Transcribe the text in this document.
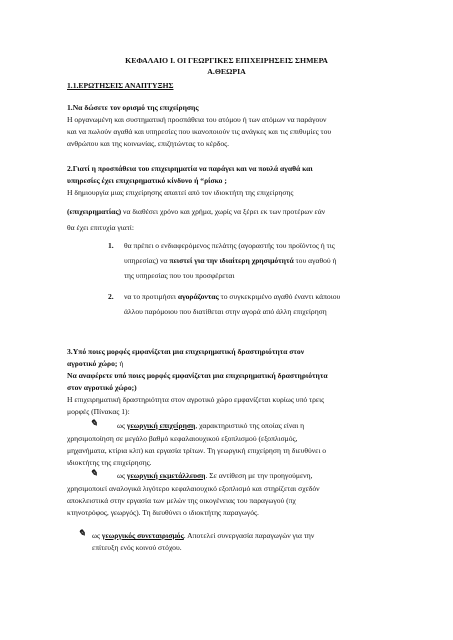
ΚΕΦΑΛΑΙΟ Ι. ΟΙ ΓΕΩΡΓΙΚΕΣ ΕΠΙΧΕΙΡΗΣΕΙΣ ΣΗΜΕΡΑ

Α.ΘΕΩΡΙΑ

1.1.ΕΡΩΤΗΣΕΙΣ ΑΝΑΠΤΥΞΗΣ

1.Να δώσετε τον ορισμό της επιχείρησης

Η οργανωμένη και συστηματική προσπάθεια του ατόμου ή των ατόμων να παράγουν

και να πωλούν αγαθά και υπηρεσίες που ικανοποιούν τις ανάγκες και τις επιθυμίες του

ανθρώπου και της κοινωνίας, επιζητώντας το κέρδος.

2.Γιατί η προσπάθεια του επιχειρηματία να παράγει και να πουλά αγαθά και

υπηρεσίες έχει επιχειρηματικό κίνδυνο ή “ρίσκο ;

Η δημιουργία μιας επιχείρησης απαιτεί από τον ιδιοκτήτη της επιχείρησης

(επιχειρηματίας) να διαθέσει χρόνο και χρήμα, χωρίς να ξέρει εκ των προτέρων εάν

θα έχει επιτυχία γιατί:

1. θα πρέπει ο ενδιαφερόμενος πελάτης (αγοραστής του προϊόντος ή τις
υπηρεσίας) να πειστεί για την ιδιαίτερη χρησιμότητά του αγαθού ή
της υπηρεσίας που του προσφέρεται
2. να το προτιμήσει αγοράζοντας το συγκεκριμένο αγαθό έναντι κάποιου
άλλου παρόμοιου που διατίθεται στην αγορά από άλλη επιχείρηση

3.Υπό ποιες μορφές εμφανίζεται μια επιχειρηματική δραστηριότητα στον

αγροτικό χώρο; ή

Να αναφέρετε υπό ποιες μορφές εμφανίζεται μια επιχειρηματική δραστηριότητα

στον αγροτικό χώρο;)

Η επιχειρηματική δραστηριότητα στον αγροτικό χώρο εμφανίζεται κυρίως υπό τρεις

μορφές (Πίνακας 1):

✎	ως γεωργική επιχείρηση, χαρακτηριστικό της οποίας είναι η

χρησιμοποίηση σε μεγάλο βαθμό κεφαλαιουχικού εξοπλισμού (εξοπλισμός,

μηχανήματα, κτίρια κλπ) και εργασία τρίτων. Τη γεωργική επιχείρηση τη διευθύνει ο

ιδιοκτήτης της επιχείρησης.

✎	ως γεωργική εκμετάλλευση. Σε αντίθεση με την προηγούμενη,

χρησιμοποιεί αναλογικά λιγότερο κεφαλαιουχικό εξοπλισμό και στηρίζεται σχεδόν

αποκλειστικά στην εργασία των μελών της οικογένειας του παραγωγού (πχ

κτηνοτρόφος, γεωργός). Τη διευθύνει ο ιδιοκτήτης παραγωγός.

✎ ως γεωργικός συνεταιρισμός. Αποτελεί συνεργασία παραγωγών για την

επίτευξη ενός κοινού στόχου.
